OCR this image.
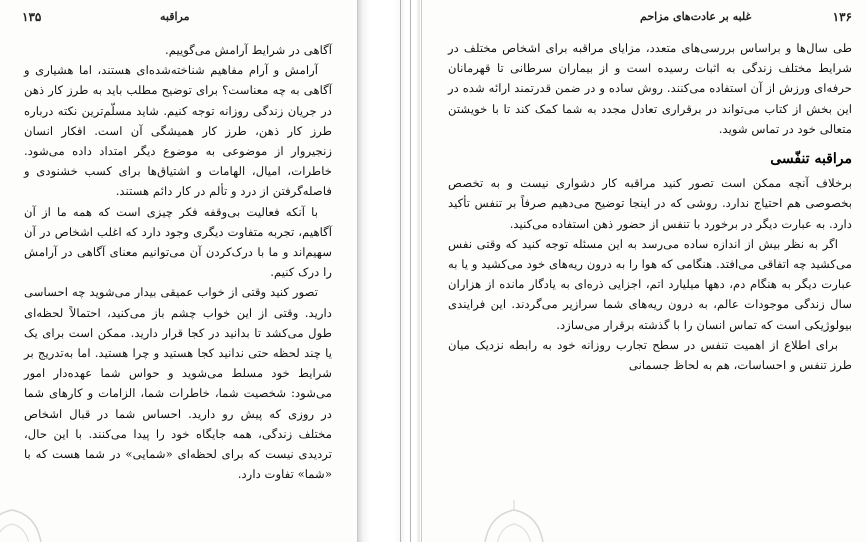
۱۳۵	مراقبه

آگاهی در شرایط آرامش می‌گوییم.

آرامش و آرام مفاهیم شناخته‌شده‌ای هستند، اما هشیاری و آگاهی به چه معناست؟ برای توضیح مطلب باید به طرز کار ذهن در جریان زندگی روزانه توجه کنیم. شاید مسلّم‌ترین نکته درباره طرز کار ذهن، طرز کار همیشگی آن است. افکار انسان زنجیروار از موضوعی به موضوع دیگر امتداد داده می‌شود. خاطرات، امیال، الهامات و اشتیاق‌ها برای کسب خشنودی و فاصله‌گرفتن از درد و تألم در کار دائم هستند.

با آنکه فعالیت بی‌وقفه فکر چیزی است که همه ما از آن آگاهیم، تجربه متفاوت دیگری وجود دارد که اغلب اشخاص در آن سهیم‌اند و ما با درک‌کردن آن می‌توانیم معنای آگاهی در آرامش را درک کنیم.

تصور کنید وقتی از خواب عمیقی بیدار می‌شوید چه احساسی دارید. وقتی از این خواب چشم باز می‌کنید، احتمالاً لحظه‌ای طول می‌کشد تا بدانید در کجا قرار دارید. ممکن است برای یک یا چند لحظه حتی ندانید کجا هستید و چرا هستید. اما به‌تدریج بر شرایط خود مسلط می‌شوید و حواس شما عهده‌دار امور می‌شود: شخصیت شما، خاطرات شما، الزامات و کارهای شما در روزی که پیش رو دارید. احساس شما در قبال اشخاص مختلف زندگی، همه جایگاه خود را پیدا می‌کنند. با این حال، تردیدی نیست که برای لحظه‌ای «شمایی» در شما هست که با «شما» تفاوت دارد.

۱۳۶
غلبه بر عادت‌های مزاحم

طی سال‌ها و براساس بررسی‌های متعدد، مزایای مراقبه برای اشخاص مختلف در شرایط مختلف زندگی به اثبات رسیده است و از بیماران سرطانی تا قهرمانان حرفه‌ای ورزش از آن استفاده می‌کنند. روش ساده و در ضمن قدرتمند ارائه شده در این بخش از کتاب می‌تواند در برقراری تعادل مجدد به شما کمک کند تا با خویشتن متعالی خود در تماس شوید.

مراقبه تنفّسی

برخلاف آنچه ممکن است تصور کنید مراقبه کار دشواری نیست و به تخصص بخصوصی هم احتیاج ندارد. روشی که در اینجا توضیح می‌دهیم صرفاً بر تنفس تأکید دارد. به عبارت دیگر در برخورد با تنفس از حضور ذهن استفاده می‌کنید.

اگر به نظر بیش از اندازه ساده می‌رسد به این مسئله توجه کنید که وقتی نفس می‌کشید چه اتفاقی می‌افتد. هنگامی که هوا را به درون ریه‌های خود می‌کشید و یا به عبارت دیگر به هنگام دم، دهها میلیارد اتم، اجزایی ذره‌ای به یادگار مانده از هزاران سال زندگی موجودات عالم، به درون ریه‌های شما سرازیر می‌گردند. این فرایندی بیولوژیکی است که تماس انسان را با گذشته برقرار می‌سازد.

برای اطلاع از اهمیت تنفس در سطح تجارب روزانه خود به رابطه نزدیک میان طرز تنفس و احساسات، هم به لحاظ جسمانی
